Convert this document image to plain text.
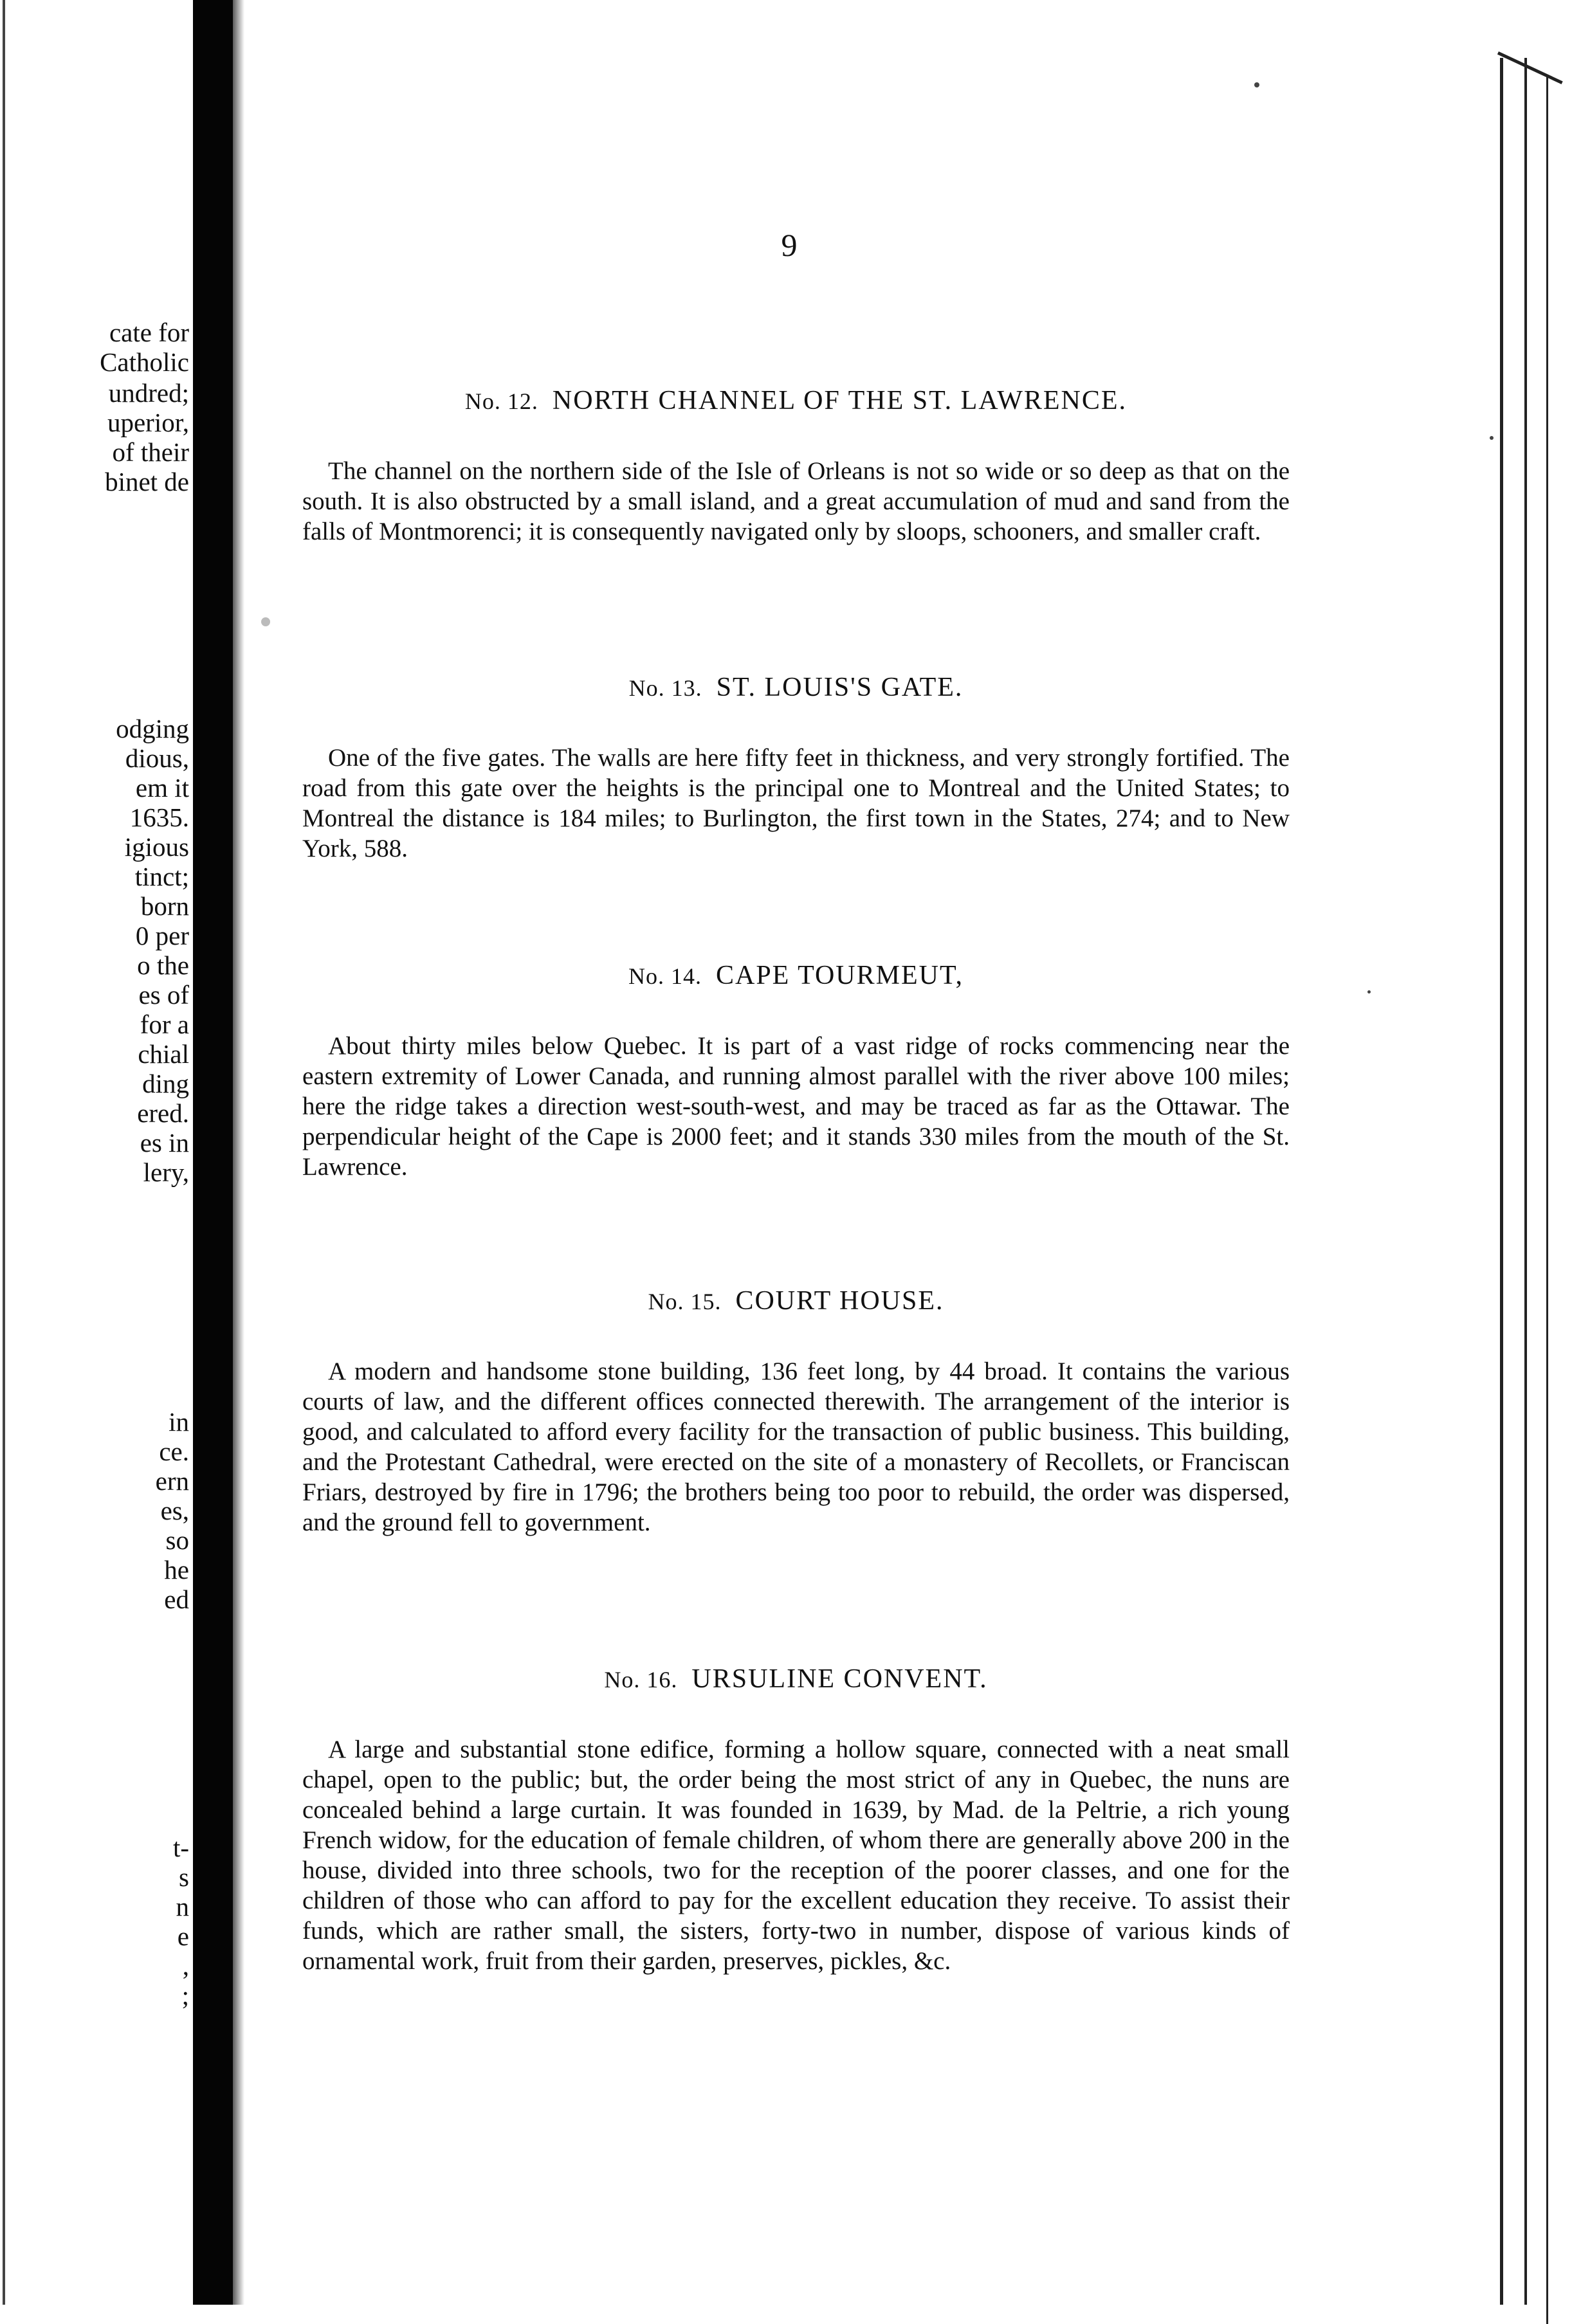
cate for
Catholic
undred;
uperior,
of their
binet de
odging
dious,
em it
1635.
igious
tinct;
born
0 per
o the
es of
for a
chial
ding
ered.
es in
lery,
in
ce.
ern
es,
so
he
ed
t-
s
n
e
,
;
9
No. 12. NORTH CHANNEL OF THE ST. LAWRENCE.

The channel on the northern side of the Isle of Orleans is not so wide or so deep as that on the south. It is also obstructed by a small island, and a great accumulation of mud and sand from the falls of Montmorenci; it is consequently navigated only by sloops, schooners, and smaller craft.

No. 13. ST. LOUIS'S GATE.

One of the five gates. The walls are here fifty feet in thickness, and very strongly fortified. The road from this gate over the heights is the principal one to Montreal and the United States; to Montreal the distance is 184 miles; to Burlington, the first town in the States, 274; and to New York, 588.

No. 14. CAPE TOURMEUT,

About thirty miles below Quebec. It is part of a vast ridge of rocks commencing near the eastern extremity of Lower Canada, and running almost parallel with the river above 100 miles; here the ridge takes a direction west-south-west, and may be traced as far as the Ottawar. The perpendicular height of the Cape is 2000 feet; and it stands 330 miles from the mouth of the St. Lawrence.

No. 15. COURT HOUSE.

A modern and handsome stone building, 136 feet long, by 44 broad. It contains the various courts of law, and the different offices connected therewith. The arrangement of the interior is good, and calculated to afford every facility for the transaction of public business. This building, and the Protestant Cathedral, were erected on the site of a monastery of Recollets, or Franciscan Friars, destroyed by fire in 1796; the brothers being too poor to rebuild, the order was dispersed, and the ground fell to government.

No. 16. URSULINE CONVENT.

A large and substantial stone edifice, forming a hollow square, connected with a neat small chapel, open to the public; but, the order being the most strict of any in Quebec, the nuns are concealed behind a large curtain. It was founded in 1639, by Mad. de la Peltrie, a rich young French widow, for the education of female children, of whom there are generally above 200 in the house, divided into three schools, two for the reception of the poorer classes, and one for the children of those who can afford to pay for the excellent education they receive. To assist their funds, which are rather small, the sisters, forty-two in number, dispose of various kinds of ornamental work, fruit from their garden, preserves, pickles, &c.
